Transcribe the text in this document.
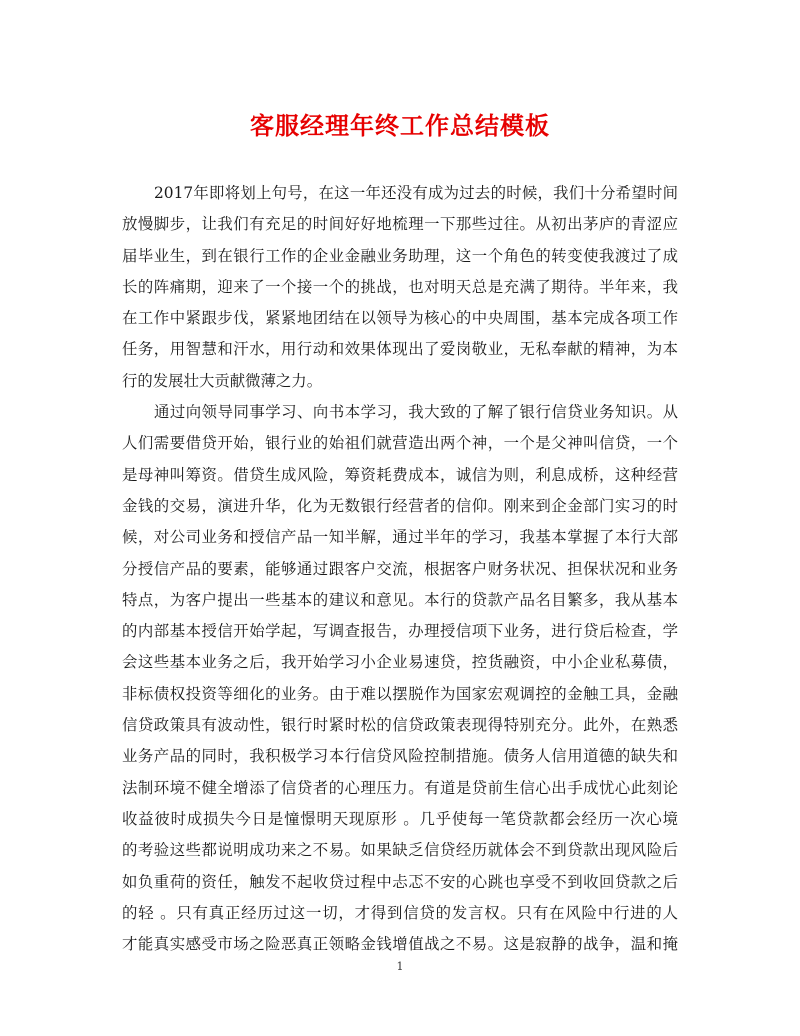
客服经理年终工作总结模板
2017年即将划上句号，在这一年还没有成为过去的时候，我们十分希望时间
放慢脚步，让我们有充足的时间好好地梳理一下那些过往。从初出茅庐的青涩应
届毕业生，到在银行工作的企业金融业务助理，这一个角色的转变使我渡过了成
长的阵痛期，迎来了一个接一个的挑战，也对明天总是充满了期待。半年来，我
在工作中紧跟步伐，紧紧地团结在以领导为核心的中央周围，基本完成各项工作
任务，用智慧和汗水，用行动和效果体现出了爱岗敬业，无私奉献的精神，为本
行的发展壮大贡献微薄之力。
通过向领导同事学习、向书本学习，我大致的了解了银行信贷业务知识。从
人们需要借贷开始，银行业的始祖们就营造出两个神，一个是父神叫信贷，一个
是母神叫筹资。借贷生成风险，筹资耗费成本，诚信为则，利息成桥，这种经营
金钱的交易，演进升华，化为无数银行经营者的信仰。刚来到企金部门实习的时
候，对公司业务和授信产品一知半解，通过半年的学习，我基本掌握了本行大部
分授信产品的要素，能够通过跟客户交流，根据客户财务状况、担保状况和业务
特点，为客户提出一些基本的建议和意见。本行的贷款产品名目繁多，我从基本
的内部基本授信开始学起，写调查报告，办理授信项下业务，进行贷后检查，学
会这些基本业务之后，我开始学习小企业易速贷，控货融资，中小企业私募债，
非标债权投资等细化的业务。由于难以摆脱作为国家宏观调控的金触工具，金融
信贷政策具有波动性，银行时紧时松的信贷政策表现得特别充分。此外，在熟悉
业务产品的同时，我积极学习本行信贷风险控制措施。债务人信用道德的缺失和
法制环境不健全增添了信贷者的心理压力。有道是贷前生信心出手成忧心此刻论
收益彼时成损失今日是憧憬明天现原形 。几乎使每一笔贷款都会经历一次心境
的考验这些都说明成功来之不易。如果缺乏信贷经历就体会不到贷款出现风险后
如负重荷的资任，触发不起收贷过程中忐忑不安的心跳也享受不到收回贷款之后
的轻 。只有真正经历过这一切，才得到信贷的发言权。只有在风险中行进的人
才能真实感受市场之险恶真正领略金钱增值战之不易。这是寂静的战争，温和掩
1
